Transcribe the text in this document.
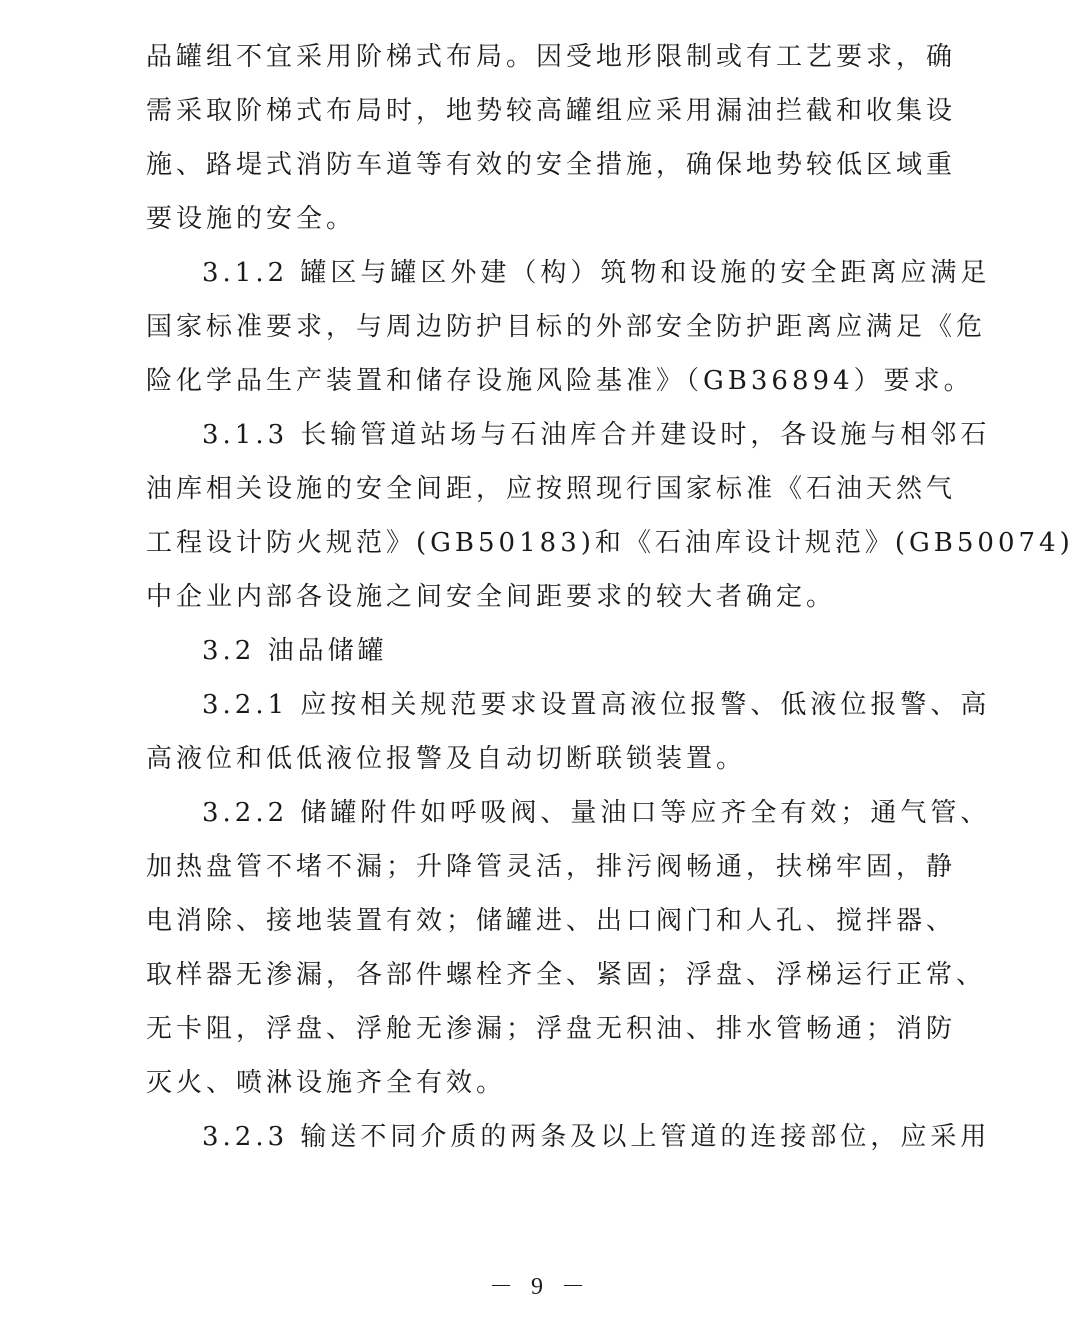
品罐组不宜采用阶梯式布局。因受地形限制或有工艺要求，确
需采取阶梯式布局时，地势较高罐组应采用漏油拦截和收集设
施、路堤式消防车道等有效的安全措施，确保地势较低区域重
要设施的安全。
3.1.2 罐区与罐区外建（构）筑物和设施的安全距离应满足
国家标准要求，与周边防护目标的外部安全防护距离应满足《危
险化学品生产装置和储存设施风险基准》（GB36894）要求。
3.1.3 长输管道站场与石油库合并建设时，各设施与相邻石
油库相关设施的安全间距，应按照现行国家标准《石油天然气
工程设计防火规范》(GB50183)和《石油库设计规范》(GB50074)
中企业内部各设施之间安全间距要求的较大者确定。
3.2 油品储罐
3.2.1 应按相关规范要求设置高液位报警、低液位报警、高
高液位和低低液位报警及自动切断联锁装置。
3.2.2 储罐附件如呼吸阀、量油口等应齐全有效；通气管、
加热盘管不堵不漏；升降管灵活，排污阀畅通，扶梯牢固，静
电消除、接地装置有效；储罐进、出口阀门和人孔、搅拌器、
取样器无渗漏，各部件螺栓齐全、紧固；浮盘、浮梯运行正常、
无卡阻，浮盘、浮舱无渗漏；浮盘无积油、排水管畅通；消防
灭火、喷淋设施齐全有效。
3.2.3 输送不同介质的两条及以上管道的连接部位，应采用
－ 9 －
